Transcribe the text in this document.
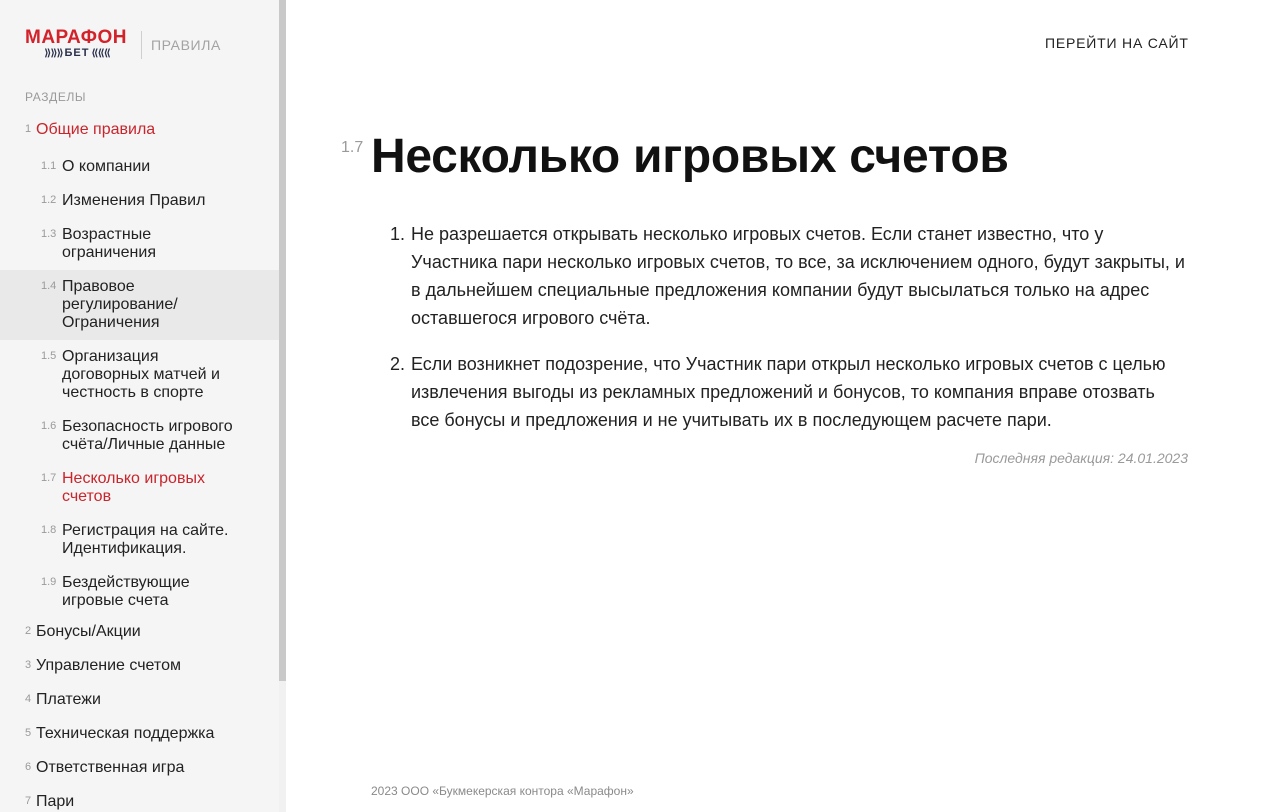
МАРАФОН
⟫⟫⟫ БЕТ ⟪⟪⟪
ПРАВИЛА
РАЗДЕЛЫ
1 Общие правила
1.1 О компании
1.2 Изменения Правил
1.3 Возрастные ограничения
1.4 Правовое регулирование/ Ограничения
1.5 Организация договорных матчей и честность в спорте
1.6 Безопасность игрового счёта/Личные данные
1.7 Несколько игровых счетов
1.8 Регистрация на сайте. Идентификация.
1.9 Бездействующие игровые счета
2 Бонусы/Акции
3 Управление счетом
4 Платежи
5 Техническая поддержка
6 Ответственная игра
7 Пари
ПЕРЕЙТИ НА САЙТ
1.7 Несколько игровых счетов
1. Не разрешается открывать несколько игровых счетов. Если станет известно, что у Участника пари несколько игровых счетов, то все, за исключением одного, будут закрыты, и в дальнейшем специальные предложения компании будут высылаться только на адрес оставшегося игрового счёта.
2. Если возникнет подозрение, что Участник пари открыл несколько игровых счетов с целью извлечения выгоды из рекламных предложений и бонусов, то компания вправе отозвать все бонусы и предложения и не учитывать их в последующем расчете пари.
Последняя редакция: 24.01.2023
2023 ООО «Букмекерская контора «Марафон»
